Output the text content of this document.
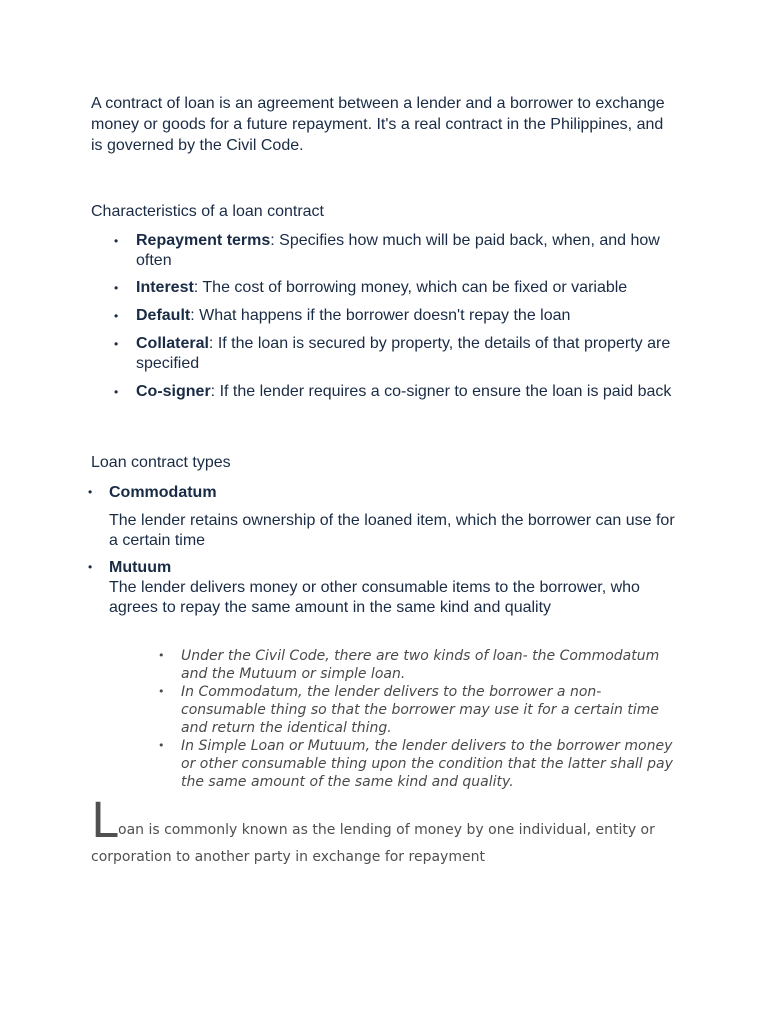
A contract of loan is an agreement between a lender and a borrower to exchange money or goods for a future repayment. It's a real contract in the Philippines, and is governed by the Civil Code.

Characteristics of a loan contract

• Repayment terms: Specifies how much will be paid back, when, and how often
• Interest: The cost of borrowing money, which can be fixed or variable
• Default: What happens if the borrower doesn't repay the loan
• Collateral: If the loan is secured by property, the details of that property are specified
• Co-signer: If the lender requires a co-signer to ensure the loan is paid back

Loan contract types

• Commodatum
The lender retains ownership of the loaned item, which the borrower can use for a certain time
• Mutuum
The lender delivers money or other consumable items to the borrower, who agrees to repay the same amount in the same kind and quality
• Under the Civil Code, there are two kinds of loan- the Commodatum and the Mutuum or simple loan.
• In Commodatum, the lender delivers to the borrower a non-consumable thing so that the borrower may use it for a certain time and return the identical thing.
• In Simple Loan or Mutuum, the lender delivers to the borrower money or other consumable thing upon the condition that the latter shall pay the same amount of the same kind and quality.
L oan is commonly known as the lending of money by one individual, entity or
corporation to another party in exchange for repayment
